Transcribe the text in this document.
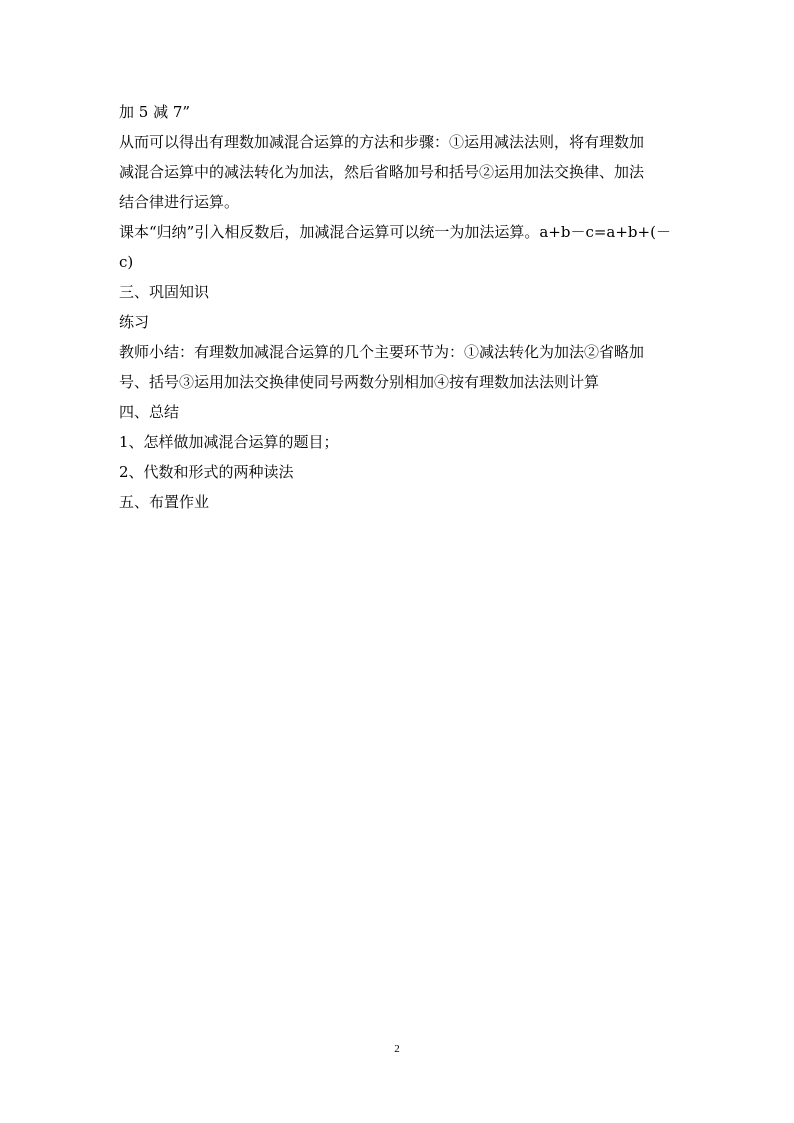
加 5 减 7”
从而可以得出有理数加减混合运算的方法和步骤：①运用减法法则，将有理数加
减混合运算中的减法转化为加法，然后省略加号和括号②运用加法交换律、加法
结合律进行运算。
课本“归纳”引入相反数后，加减混合运算可以统一为加法运算。a+b－c=a+b+(－
c)
三、巩固知识
练习
教师小结：有理数加减混合运算的几个主要环节为：①减法转化为加法②省略加
号、括号③运用加法交换律使同号两数分别相加④按有理数加法法则计算
四、总结
1、怎样做加减混合运算的题目；
2、代数和形式的两种读法
五、布置作业
2
